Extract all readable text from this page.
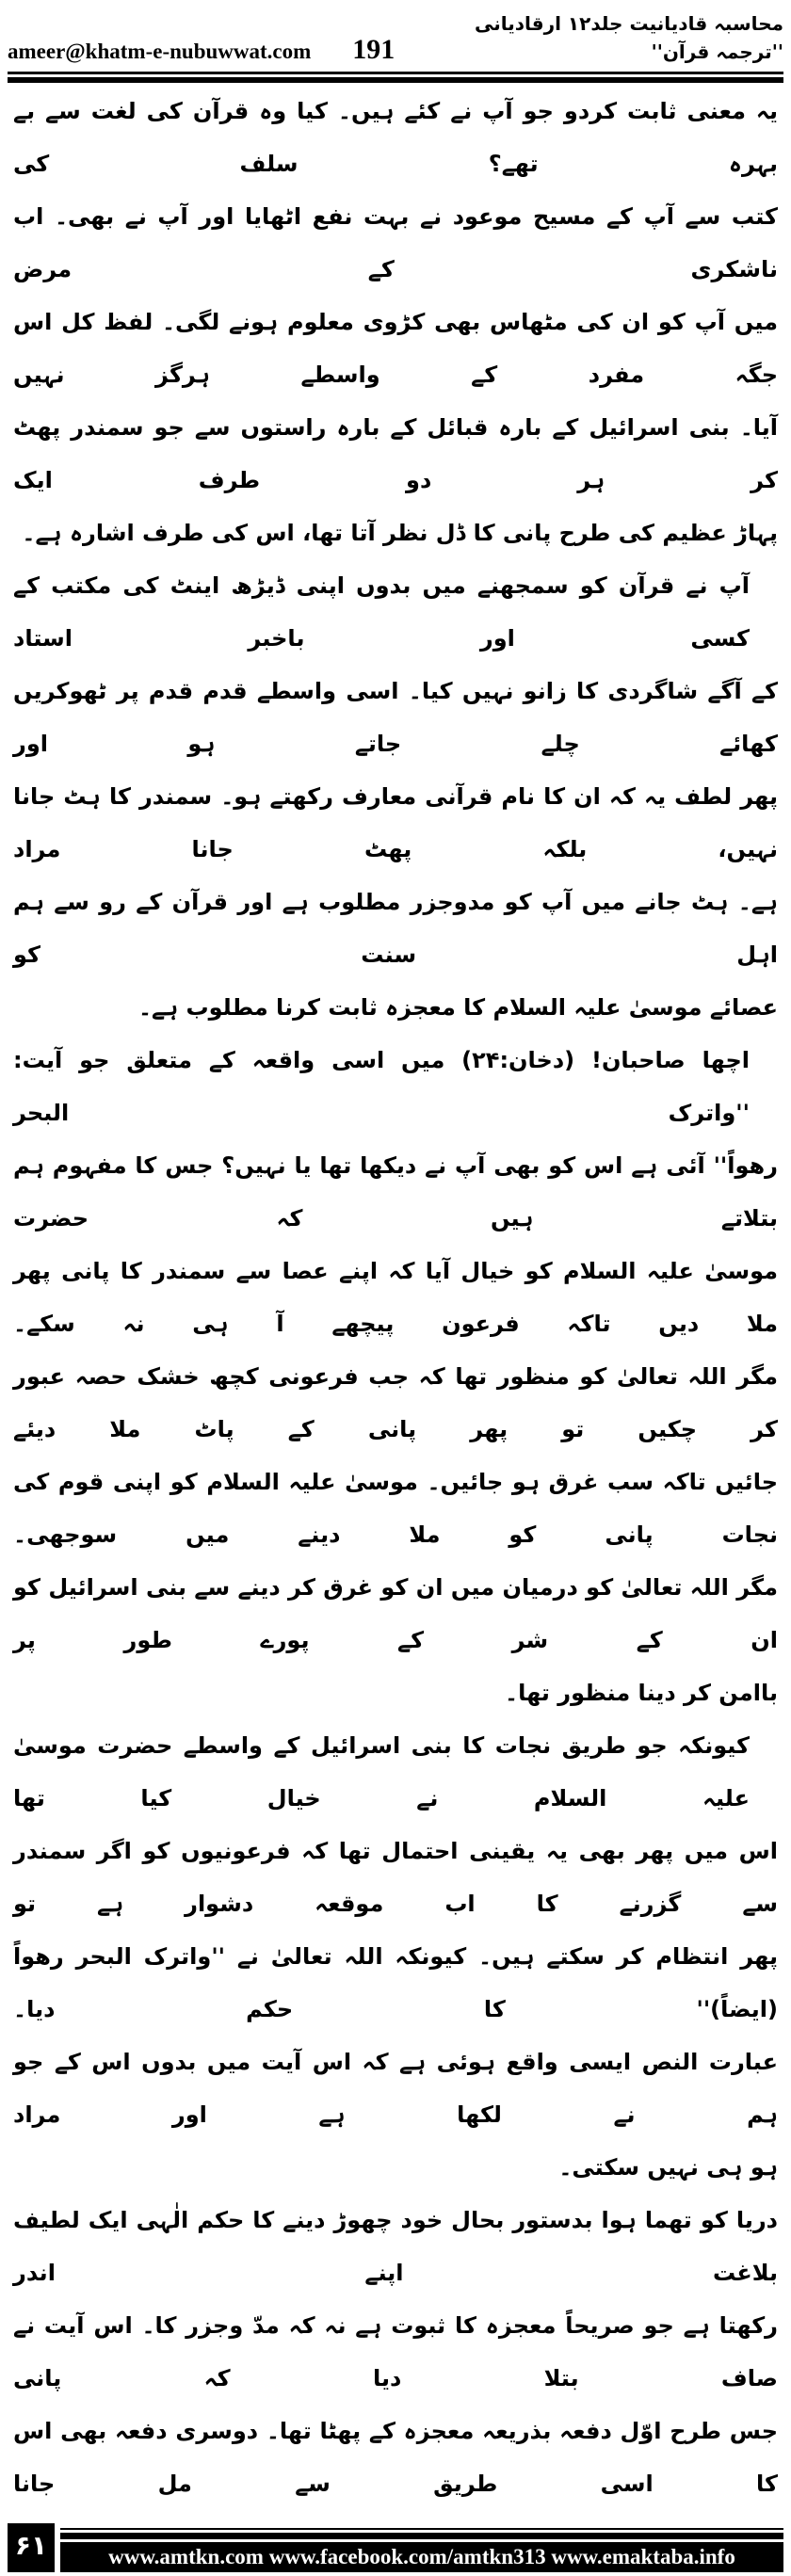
ameer@khatm-e-nubuwwat.com 191
محاسبہ قادیانیت جلد۱۲ ارقادیانی ''ترجمہ قرآن''
یہ معنی ثابت کردو جو آپ نے کئے ہیں۔ کیا وہ قرآن کی لغت سے بے بہرہ تھے؟ سلف کی
کتب سے آپ کے مسیح موعود نے بہت نفع اٹھایا اور آپ نے بھی۔ اب ناشکری کے مرض
میں آپ کو ان کی مٹھاس بھی کڑوی معلوم ہونے لگی۔ لفظ کل اس جگہ مفرد کے واسطے ہرگز نہیں
آیا۔ بنی اسرائیل کے بارہ قبائل کے بارہ راستوں سے جو سمندر پھٹ کر ہر دو طرف ایک
پہاڑ عظیم کی طرح پانی کا ڈل نظر آتا تھا، اس کی طرف اشارہ ہے۔
آپ نے قرآن کو سمجھنے میں بدوں اپنی ڈیڑھ اینٹ کی مکتب کے کسی اور باخبر استاد
کے آگے شاگردی کا زانو نہیں کیا۔ اسی واسطے قدم قدم پر ٹھوکریں کھائے چلے جاتے ہو اور
پھر لطف یہ کہ ان کا نام قرآنی معارف رکھتے ہو۔ سمندر کا ہٹ جانا نہیں، بلکہ پھٹ جانا مراد
ہے۔ ہٹ جانے میں آپ کو مدوجزر مطلوب ہے اور قرآن کے رو سے ہم اہل سنت کو
عصائے موسیٰ علیہ السلام کا معجزہ ثابت کرنا مطلوب ہے۔
اچھا صاحبان! (دخان:۲۴) میں اسی واقعہ کے متعلق جو آیت: ''واترک البحر
رھواً'' آئی ہے اس کو بھی آپ نے دیکھا تھا یا نہیں؟ جس کا مفہوم ہم بتلاتے ہیں کہ حضرت
موسیٰ علیہ السلام کو خیال آیا کہ اپنے عصا سے سمندر کا پانی پھر ملا دیں تاکہ فرعون پیچھے آ ہی نہ سکے۔
مگر اللہ تعالیٰ کو منظور تھا کہ جب فرعونی کچھ خشک حصہ عبور کر چکیں تو پھر پانی کے پاٹ ملا دیئے
جائیں تاکہ سب غرق ہو جائیں۔ موسیٰ علیہ السلام کو اپنی قوم کی نجات پانی کو ملا دینے میں سوجھی۔
مگر اللہ تعالیٰ کو درمیان میں ان کو غرق کر دینے سے بنی اسرائیل کو ان کے شر کے پورے طور پر
باامن کر دینا منظور تھا۔
کیونکہ جو طریق نجات کا بنی اسرائیل کے واسطے حضرت موسیٰ علیہ السلام نے خیال کیا تھا
اس میں پھر بھی یہ یقینی احتمال تھا کہ فرعونیوں کو اگر سمندر سے گزرنے کا اب موقعہ دشوار ہے تو
پھر انتظام کر سکتے ہیں۔ کیونکہ اللہ تعالیٰ نے ''واترک البحر رھواً (ایضاً)'' کا حکم دیا۔
عبارت النص ایسی واقع ہوئی ہے کہ اس آیت میں بدوں اس کے جو ہم نے لکھا ہے اور مراد
ہو ہی نہیں سکتی۔
دریا کو تھما ہوا بدستور بحال خود چھوڑ دینے کا حکم الٰہی ایک لطیف بلاغت اپنے اندر
رکھتا ہے جو صریحاً معجزہ کا ثبوت ہے نہ کہ مدّ وجزر کا۔ اس آیت نے صاف بتلا دیا کہ پانی
جس طرح اوّل دفعہ بذریعہ معجزہ کے پھٹا تھا۔ دوسری دفعہ بھی اس کا اسی طریق سے مل جانا
۶۱	www.amtkn.com www.facebook.com/amtkn313 www.emaktaba.info
